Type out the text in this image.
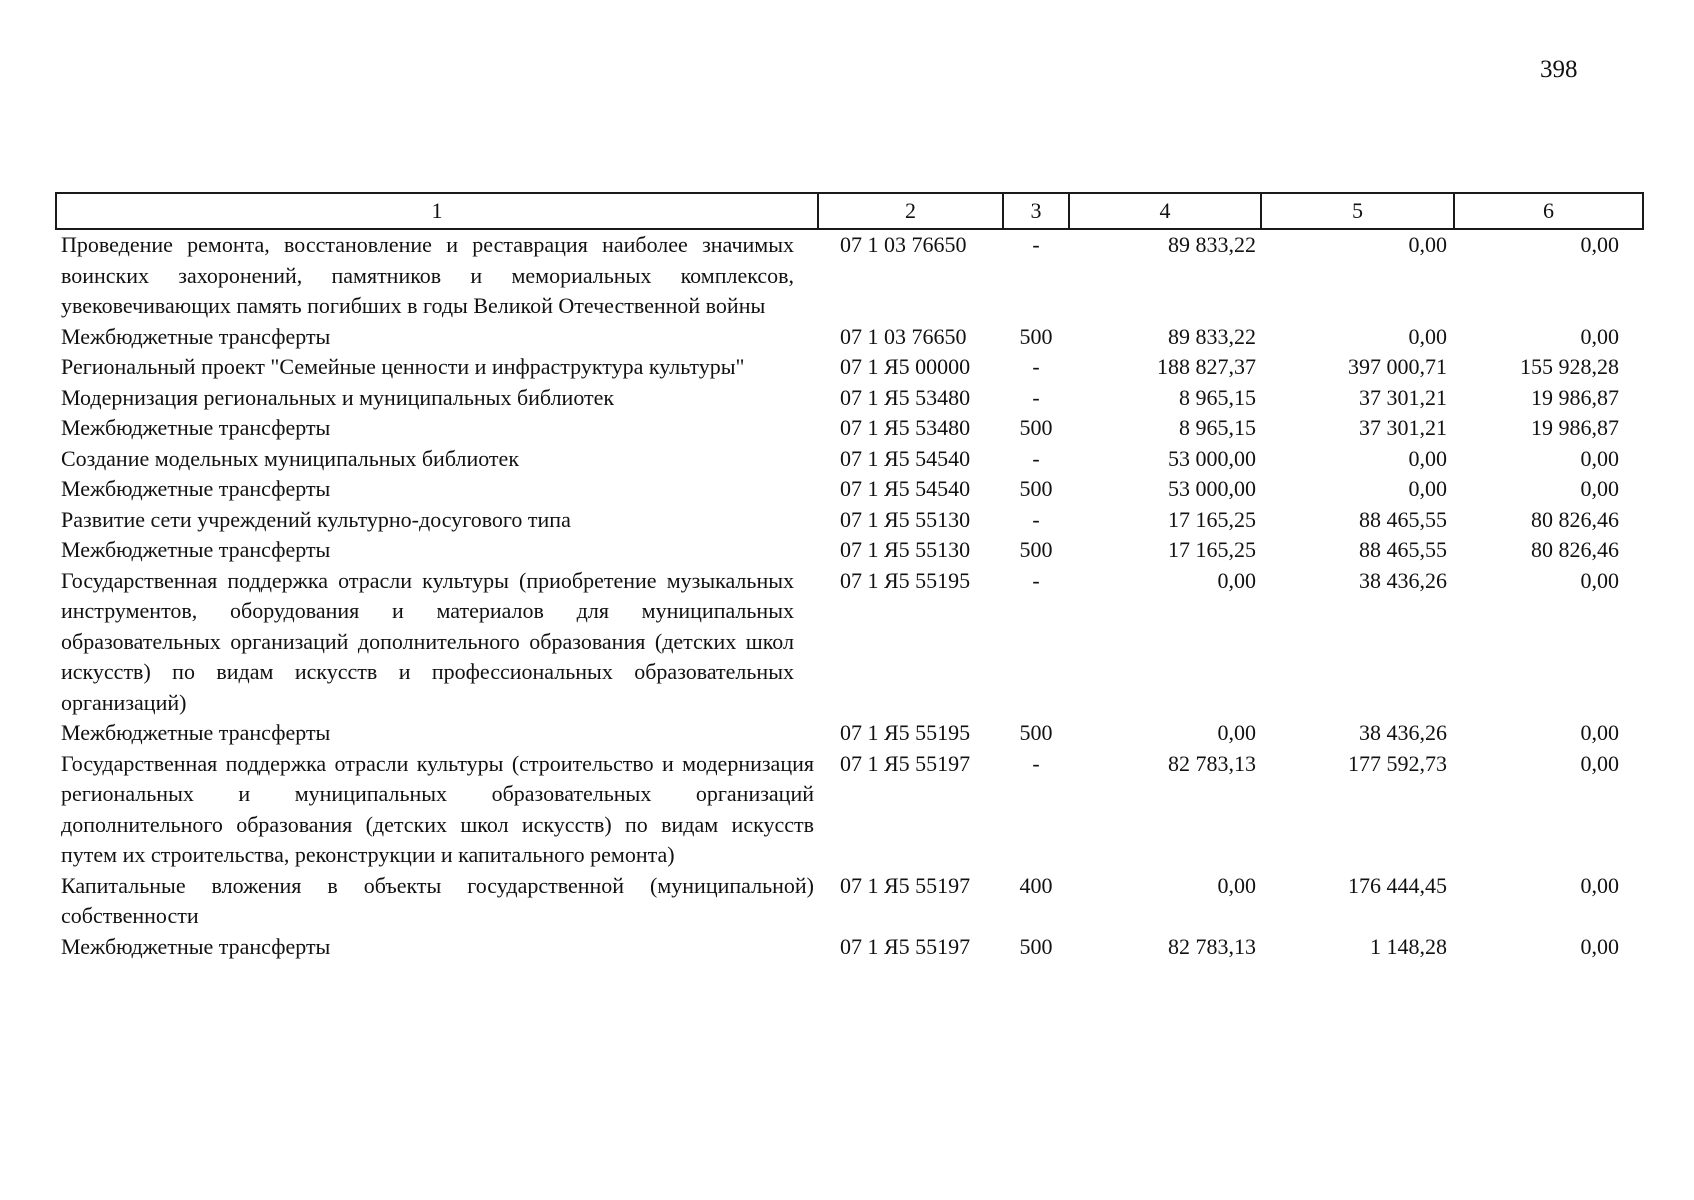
398
1	2	3	4	5	6
Проведение ремонта, восстановление и реставрация наиболее значимых воинских захоронений, памятников и мемориальных комплексов, увековечивающих память погибших в годы Великой Отечественной войны	07 1 03 76650	-	89 833,22	0,00	0,00
Межбюджетные трансферты	07 1 03 76650	500	89 833,22	0,00	0,00
Региональный проект "Семейные ценности и инфраструктура культуры"	07 1 Я5 00000	-	188 827,37	397 000,71	155 928,28
Модернизация региональных и муниципальных библиотек	07 1 Я5 53480	-	8 965,15	37 301,21	19 986,87
Межбюджетные трансферты	07 1 Я5 53480	500	8 965,15	37 301,21	19 986,87
Создание модельных муниципальных библиотек	07 1 Я5 54540	-	53 000,00	0,00	0,00
Межбюджетные трансферты	07 1 Я5 54540	500	53 000,00	0,00	0,00
Развитие сети учреждений культурно-досугового типа	07 1 Я5 55130	-	17 165,25	88 465,55	80 826,46
Межбюджетные трансферты	07 1 Я5 55130	500	17 165,25	88 465,55	80 826,46
Государственная поддержка отрасли культуры (приобретение музыкальных инструментов, оборудования и материалов для муниципальных образовательных организаций дополнительного образования (детских школ искусств) по видам искусств и профессиональных образовательных организаций)	07 1 Я5 55195	-	0,00	38 436,26	0,00
Межбюджетные трансферты	07 1 Я5 55195	500	0,00	38 436,26	0,00
Государственная поддержка отрасли культуры (строительство и модернизация региональных и муниципальных образовательных организаций дополнительного образования (детских школ искусств) по видам искусств путем их строительства, реконструкции и капитального ремонта)	07 1 Я5 55197	-	82 783,13	177 592,73	0,00
Капитальные вложения в объекты государственной (муниципальной) собственности	07 1 Я5 55197	400	0,00	176 444,45	0,00
Межбюджетные трансферты	07 1 Я5 55197	500	82 783,13	1 148,28	0,00
